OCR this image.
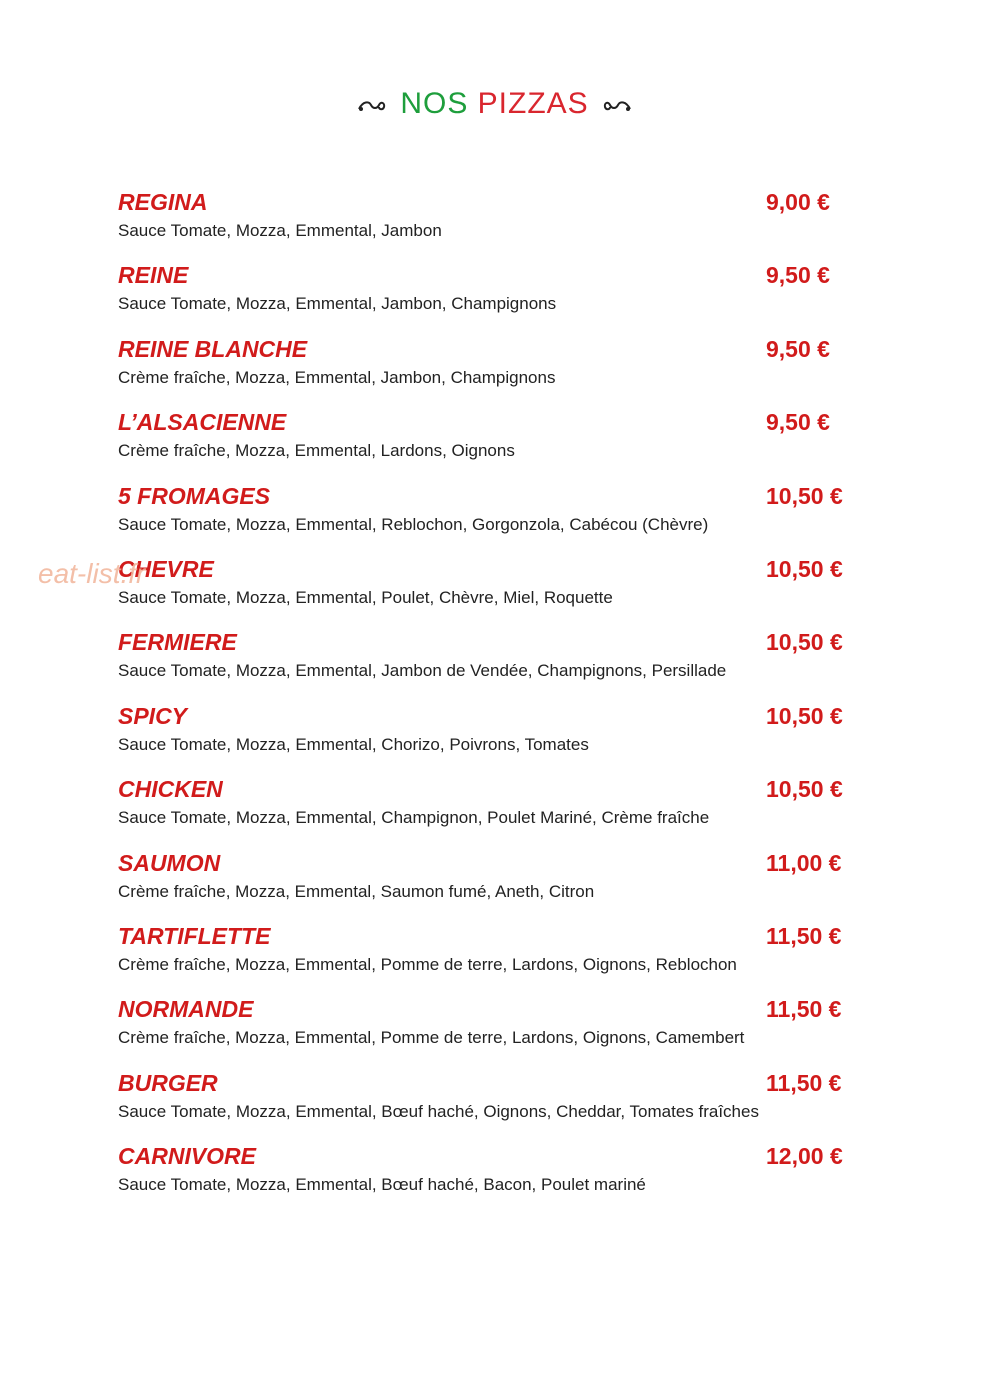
NOS PIZZAS
REGINA	9,00 €
Sauce Tomate, Mozza, Emmental, Jambon
REINE	9,50 €
Sauce Tomate, Mozza, Emmental, Jambon, Champignons
REINE BLANCHE	9,50 €
Crème fraîche, Mozza, Emmental, Jambon, Champignons
L’ALSACIENNE	9,50 €
Crème fraîche, Mozza, Emmental, Lardons, Oignons
5 FROMAGES	10,50 €
Sauce Tomate, Mozza, Emmental, Reblochon, Gorgonzola, Cabécou (Chèvre)
CHEVRE	10,50 €
Sauce Tomate, Mozza, Emmental, Poulet, Chèvre, Miel, Roquette
FERMIERE	10,50 €
Sauce Tomate, Mozza, Emmental, Jambon de Vendée, Champignons, Persillade
SPICY	10,50 €
Sauce Tomate, Mozza, Emmental, Chorizo, Poivrons, Tomates
CHICKEN	10,50 €
Sauce Tomate, Mozza, Emmental, Champignon, Poulet Mariné, Crème fraîche
SAUMON	11,00 €
Crème fraîche, Mozza, Emmental, Saumon fumé, Aneth, Citron
TARTIFLETTE	11,50 €
Crème fraîche, Mozza, Emmental, Pomme de terre, Lardons, Oignons, Reblochon
NORMANDE	11,50 €
Crème fraîche, Mozza, Emmental, Pomme de terre, Lardons, Oignons, Camembert
BURGER	11,50 €
Sauce Tomate, Mozza, Emmental, Bœuf haché, Oignons, Cheddar, Tomates fraîches
CARNIVORE	12,00 €
Sauce Tomate, Mozza, Emmental, Bœuf haché, Bacon, Poulet mariné
eat-list.fr
